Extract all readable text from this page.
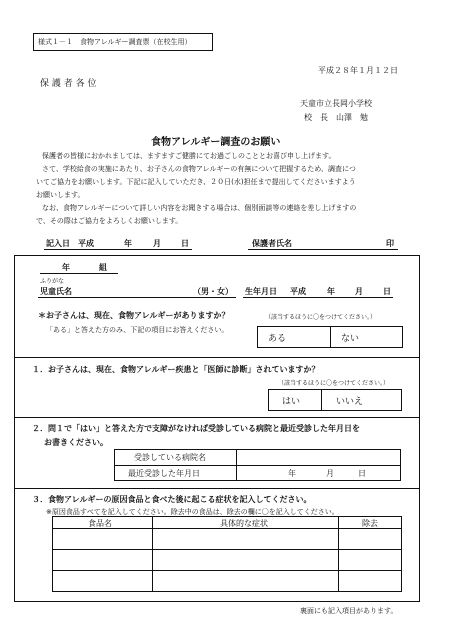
様式１－１　食物アレルギー調査票（在校生用）
平成２８年１月１２日
保 護 者 各 位
天童市立長岡小学校
校　長　山澤　勉
食物アレルギー調査のお願い
保護者の皆様におかれましては、ますますご健勝にてお過ごしのこととお喜び申し上げます。
さて、学校給食の実施にあたり、お子さんの食物アレルギーの有無について把握するため、調査につ
いてご協力をお願いします。下記に記入していただき、２０日(水)担任まで提出してくださいますよう
お願いします。
なお、食物アレルギーについて詳しい内容をお聞きする場合は、個別面談等の連絡を差し上げますの
で、その際はご協力をよろしくお願いします。
記入日　平成	年	月	日	保護者氏名	印
年	組
ふりがな
児童氏名	（男・女） 生年月日 平成	年	月	日
＊お子さんは、現在、食物アレルギーがありますか？	（該当するほうに〇をつけてください。）
「ある」と答えた方のみ、下記の項目にお答えください。
ある	ない
１．お子さんは、現在、食物アレルギー疾患と「医師に診断」されていますか？
（該当するほうに〇をつけてください。）
はい	いいえ
２．問１で「はい」と答えた方で支障がなければ受診している病院と最近受診した年月日を
お書きください。
受診している病院名
最近受診した年月日	年	月	日
３．食物アレルギーの原因食品と食べた後に起こる症状を記入してください。
※原因食品すべてを記入してください。除去中の食品は、除去の欄に〇を記入してください。
食品名	具体的な症状	除去
裏面にも記入項目があります。
